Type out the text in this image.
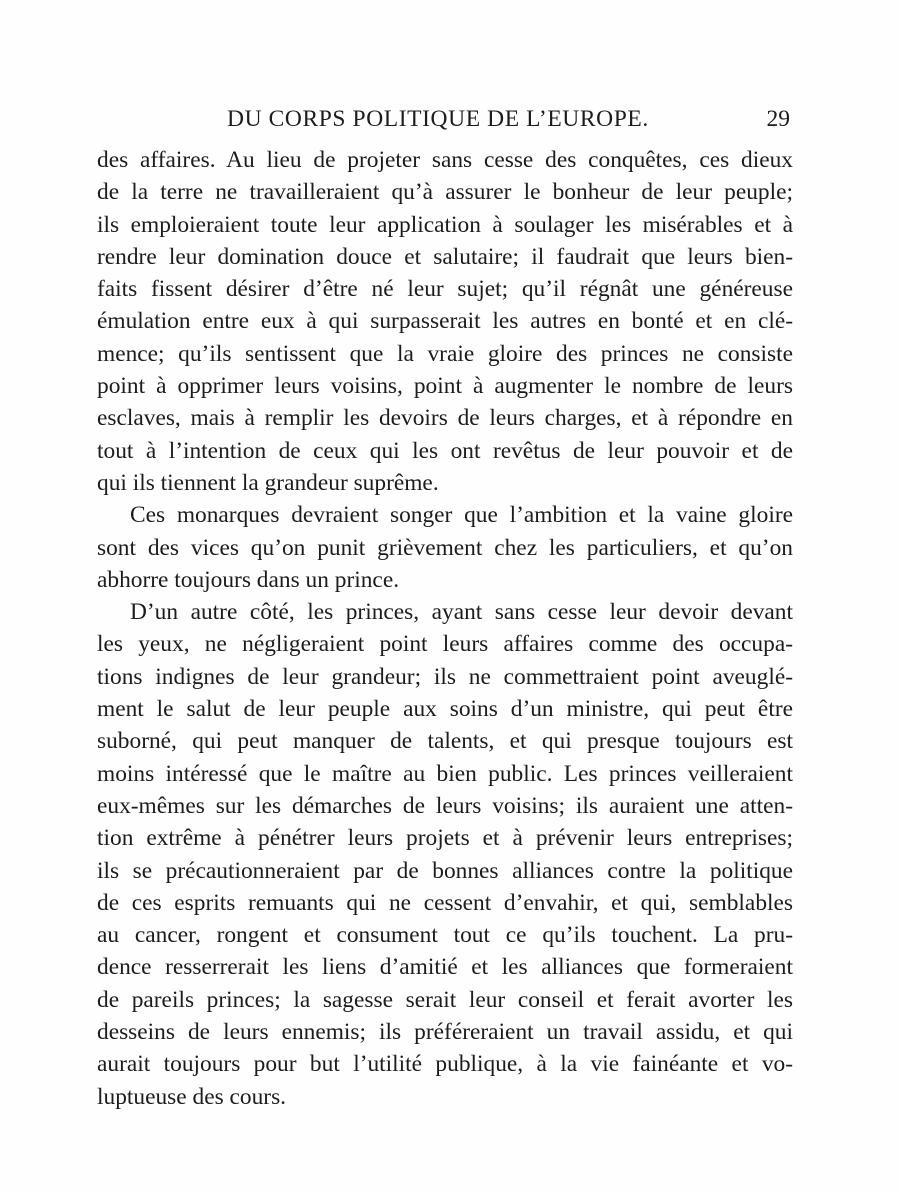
DU CORPS POLITIQUE DE L’EUROPE.	29
des affaires. Au lieu de projeter sans cesse des conquêtes, ces dieux
de la terre ne travailleraient qu’à assurer le bonheur de leur peuple;
ils emploieraient toute leur application à soulager les misérables et à
rendre leur domination douce et salutaire; il faudrait que leurs bien-
faits fissent désirer d’être né leur sujet; qu’il régnât une généreuse
émulation entre eux à qui surpasserait les autres en bonté et en clé-
mence; qu’ils sentissent que la vraie gloire des princes ne consiste
point à opprimer leurs voisins, point à augmenter le nombre de leurs
esclaves, mais à remplir les devoirs de leurs charges, et à répondre en
tout à l’intention de ceux qui les ont revêtus de leur pouvoir et de
qui ils tiennent la grandeur suprême.
Ces monarques devraient songer que l’ambition et la vaine gloire
sont des vices qu’on punit grièvement chez les particuliers, et qu’on
abhorre toujours dans un prince.
D’un autre côté, les princes, ayant sans cesse leur devoir devant
les yeux, ne négligeraient point leurs affaires comme des occupa-
tions indignes de leur grandeur; ils ne commettraient point aveuglé-
ment le salut de leur peuple aux soins d’un ministre, qui peut être
suborné, qui peut manquer de talents, et qui presque toujours est
moins intéressé que le maître au bien public. Les princes veilleraient
eux-mêmes sur les démarches de leurs voisins; ils auraient une atten-
tion extrême à pénétrer leurs projets et à prévenir leurs entreprises;
ils se précautionneraient par de bonnes alliances contre la politique
de ces esprits remuants qui ne cessent d’envahir, et qui, semblables
au cancer, rongent et consument tout ce qu’ils touchent. La pru-
dence resserrerait les liens d’amitié et les alliances que formeraient
de pareils princes; la sagesse serait leur conseil et ferait avorter les
desseins de leurs ennemis; ils préféreraient un travail assidu, et qui
aurait toujours pour but l’utilité publique, à la vie fainéante et vo-
luptueuse des cours.
